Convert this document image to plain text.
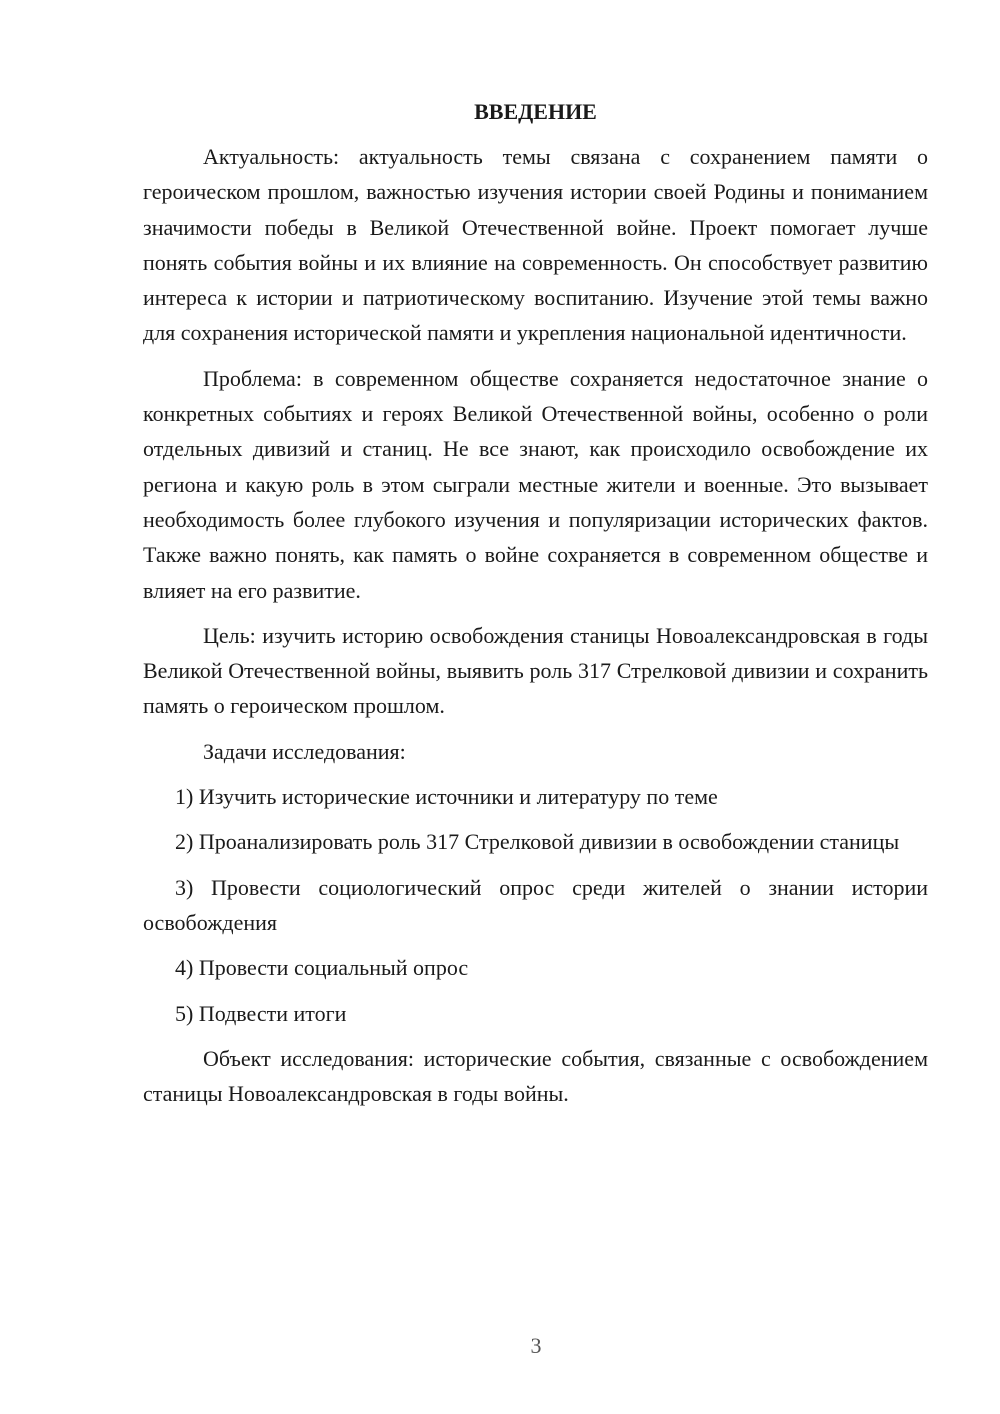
ВВЕДЕНИЕ

Актуальность: актуальность темы связана с сохранением памяти о героическом прошлом, важностью изучения истории своей Родины и пониманием значимости победы в Великой Отечественной войне. Проект помогает лучше понять события войны и их влияние на современность. Он способствует развитию интереса к истории и патриотическому воспитанию. Изучение этой темы важно для сохранения исторической памяти и укрепления национальной идентичности.

Проблема: в современном обществе сохраняется недостаточное знание о конкретных событиях и героях Великой Отечественной войны, особенно о роли отдельных дивизий и станиц. Не все знают, как происходило освобождение их региона и какую роль в этом сыграли местные жители и военные. Это вызывает необходимость более глубокого изучения и популяризации исторических фактов. Также важно понять, как память о войне сохраняется в современном обществе и влияет на его развитие.

Цель: изучить историю освобождения станицы Новоалександровская в годы Великой Отечественной войны, выявить роль 317 Стрелковой дивизии и сохранить память о героическом прошлом.

Задачи исследования:

1) Изучить исторические источники и литературу по теме

2) Проанализировать роль 317 Стрелковой дивизии в освобождении станицы

3) Провести социологический опрос среди жителей о знании истории освобождения

4) Провести социальный опрос

5) Подвести итоги

Объект исследования: исторические события, связанные с освобождением станицы Новоалександровская в годы войны.

3
